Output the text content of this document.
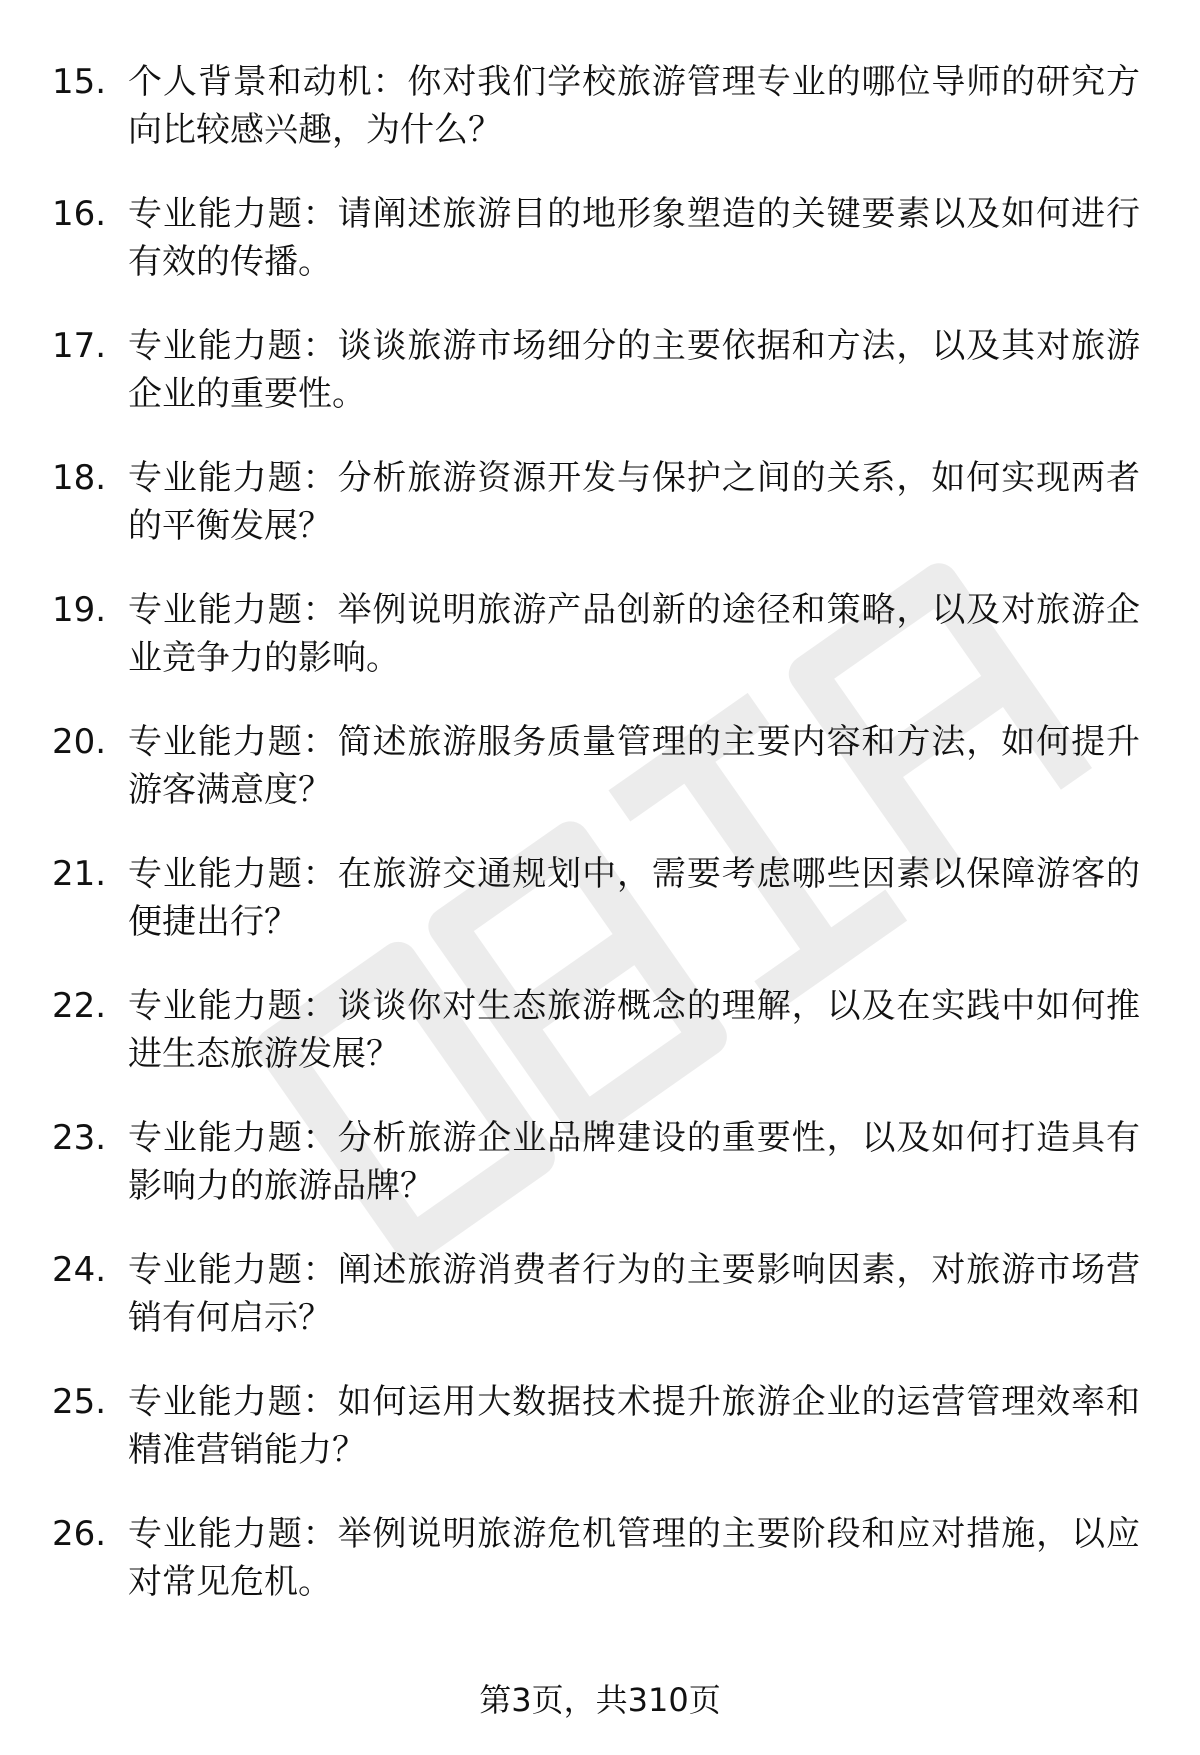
15. 个人背景和动机：你对我们学校旅游管理专业的哪位导师的研究方向比较感兴趣，为什么？
16. 专业能力题：请阐述旅游目的地形象塑造的关键要素以及如何进行有效的传播。
17. 专业能力题：谈谈旅游市场细分的主要依据和方法，以及其对旅游企业的重要性。
18. 专业能力题：分析旅游资源开发与保护之间的关系，如何实现两者的平衡发展？
19. 专业能力题：举例说明旅游产品创新的途径和策略，以及对旅游企业竞争力的影响。
20. 专业能力题：简述旅游服务质量管理的主要内容和方法，如何提升游客满意度？
21. 专业能力题：在旅游交通规划中，需要考虑哪些因素以保障游客的便捷出行？
22. 专业能力题：谈谈你对生态旅游概念的理解，以及在实践中如何推进生态旅游发展？
23. 专业能力题：分析旅游企业品牌建设的重要性，以及如何打造具有影响力的旅游品牌？
24. 专业能力题：阐述旅游消费者行为的主要影响因素，对旅游市场营销有何启示？
25. 专业能力题：如何运用大数据技术提升旅游企业的运营管理效率和精准营销能力？
26. 专业能力题：举例说明旅游危机管理的主要阶段和应对措施，以应对常见危机。
第3页，共310页
